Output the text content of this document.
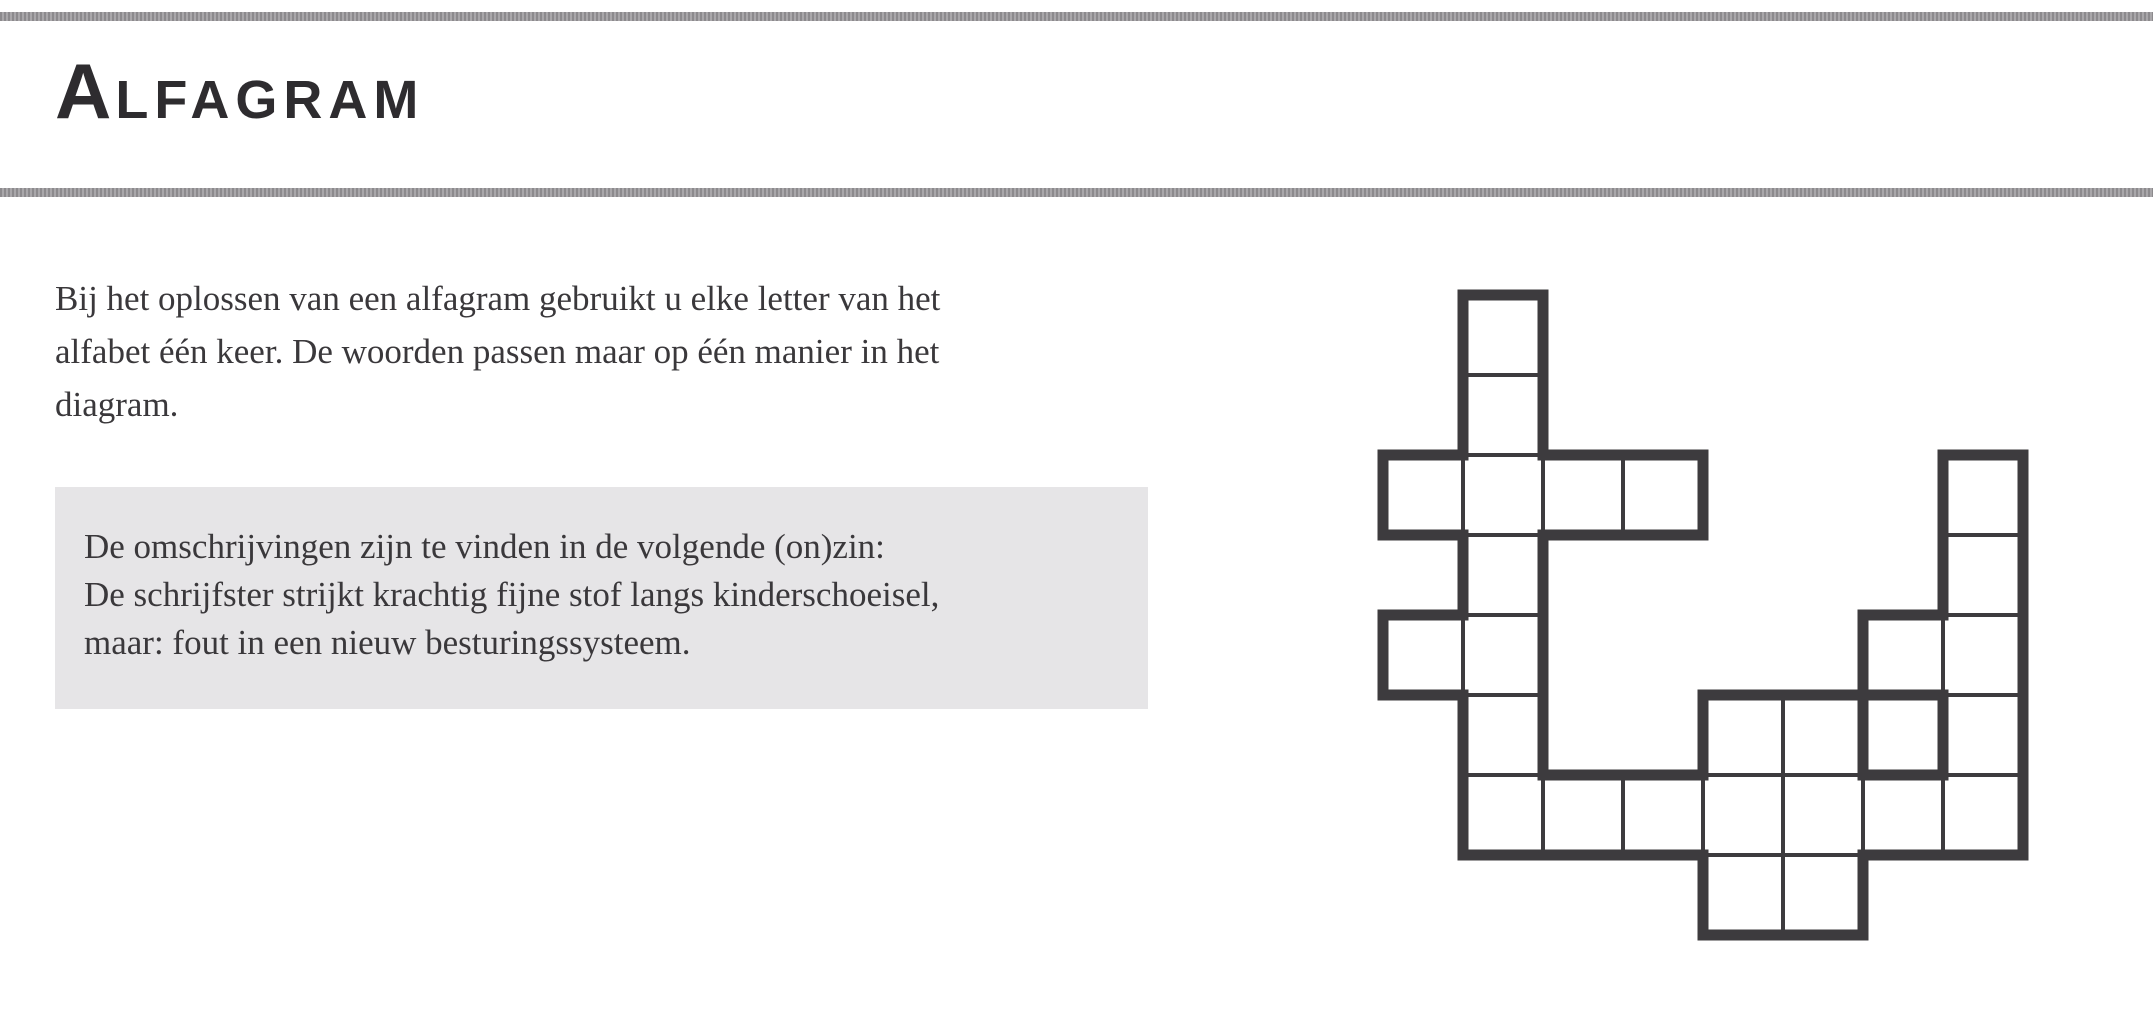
ALFAGRAM

Bij het oplossen van een alfagram gebruikt u elke letter van het

alfabet één keer. De woorden passen maar op één manier in het

diagram.

De omschrijvingen zijn te vinden in de volgende (on)zin:

De schrijfster strijkt krachtig fijne stof langs kinderschoeisel,

maar: fout in een nieuw besturingssysteem.
